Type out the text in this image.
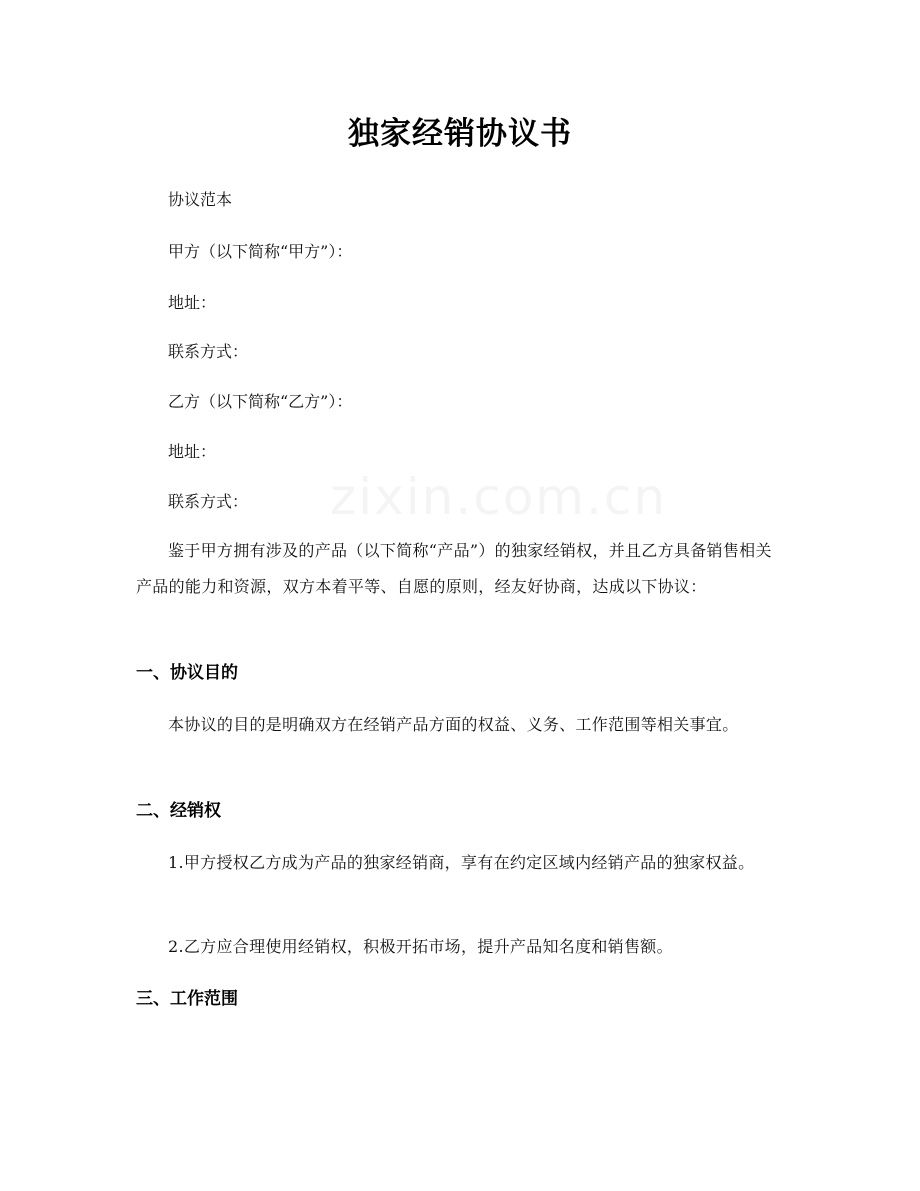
独家经销协议书
协议范本
甲方（以下简称“甲方”）：
地址：
联系方式：
乙方（以下简称“乙方”）：
地址：
联系方式：
鉴于甲方拥有涉及的产品（以下简称“产品”）的独家经销权，并且乙方具备销售相关产品的能力和资源，双方本着平等、自愿的原则，经友好协商，达成以下协议：
一、协议目的
本协议的目的是明确双方在经销产品方面的权益、义务、工作范围等相关事宜。
二、经销权
1.甲方授权乙方成为产品的独家经销商，享有在约定区域内经销产品的独家权益。
2.乙方应合理使用经销权，积极开拓市场，提升产品知名度和销售额。
三、工作范围
